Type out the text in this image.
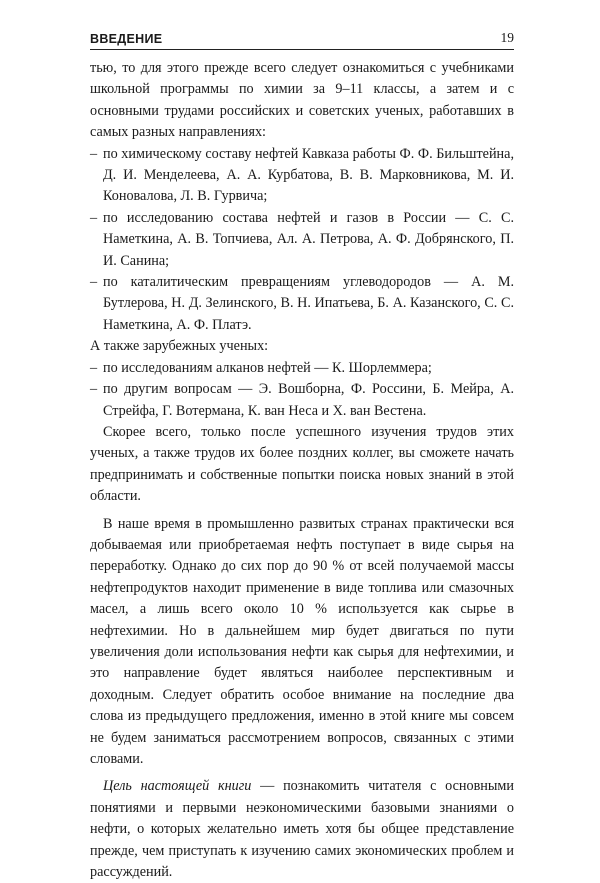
ВВЕДЕНИЕ	19

тью, то для этого прежде всего следует ознакомиться с учебниками школьной программы по химии за 9–11 классы, а затем и с основными трудами российских и советских ученых, работавших в самых разных направлениях:

– по химическому составу нефтей Кавказа работы Ф. Ф. Бильштейна, Д. И. Менделеева, А. А. Курбатова, В. В. Марковникова, М. И. Коновалова, Л. В. Гурвича;
– по исследованию состава нефтей и газов в России — С. С. Наметкина, А. В. Топчиева, Ал. А. Петрова, А. Ф. Добрянского, П. И. Санина;
– по каталитическим превращениям углеводородов — А. М. Бутлерова, Н. Д. Зелинского, В. Н. Ипатьева, Б. А. Казанского, С. С. Наметкина, А. Ф. Платэ.

А также зарубежных ученых:

– по исследованиям алканов нефтей — К. Шорлеммера;
– по другим вопросам — Э. Вошборна, Ф. Россини, Б. Мейра, А. Стрейфа, Г. Вотермана, К. ван Неса и Х. ван Вестена.

Скорее всего, только после успешного изучения трудов этих ученых, а также трудов их более поздних коллег, вы сможете начать предпринимать и собственные попытки поиска новых знаний в этой области.

В наше время в промышленно развитых странах практически вся добываемая или приобретаемая нефть поступает в виде сырья на переработку. Однако до сих пор до 90 % от всей получаемой массы нефтепродуктов находит применение в виде топлива или смазочных масел, а лишь всего около 10 % используется как сырье в нефтехимии. Но в дальнейшем мир будет двигаться по пути увеличения доли использования нефти как сырья для нефтехимии, и это направление будет являться наиболее перспективным и доходным. Следует обратить особое внимание на последние два слова из предыдущего предложения, именно в этой книге мы совсем не будем заниматься рассмотрением вопросов, связанных с этими словами.

Цель настоящей книги — познакомить читателя с основными понятиями и первыми неэкономическими базовыми знаниями о нефти, о которых желательно иметь хотя бы общее представление прежде, чем приступать к изучению самих экономических проблем и рассуждений.
